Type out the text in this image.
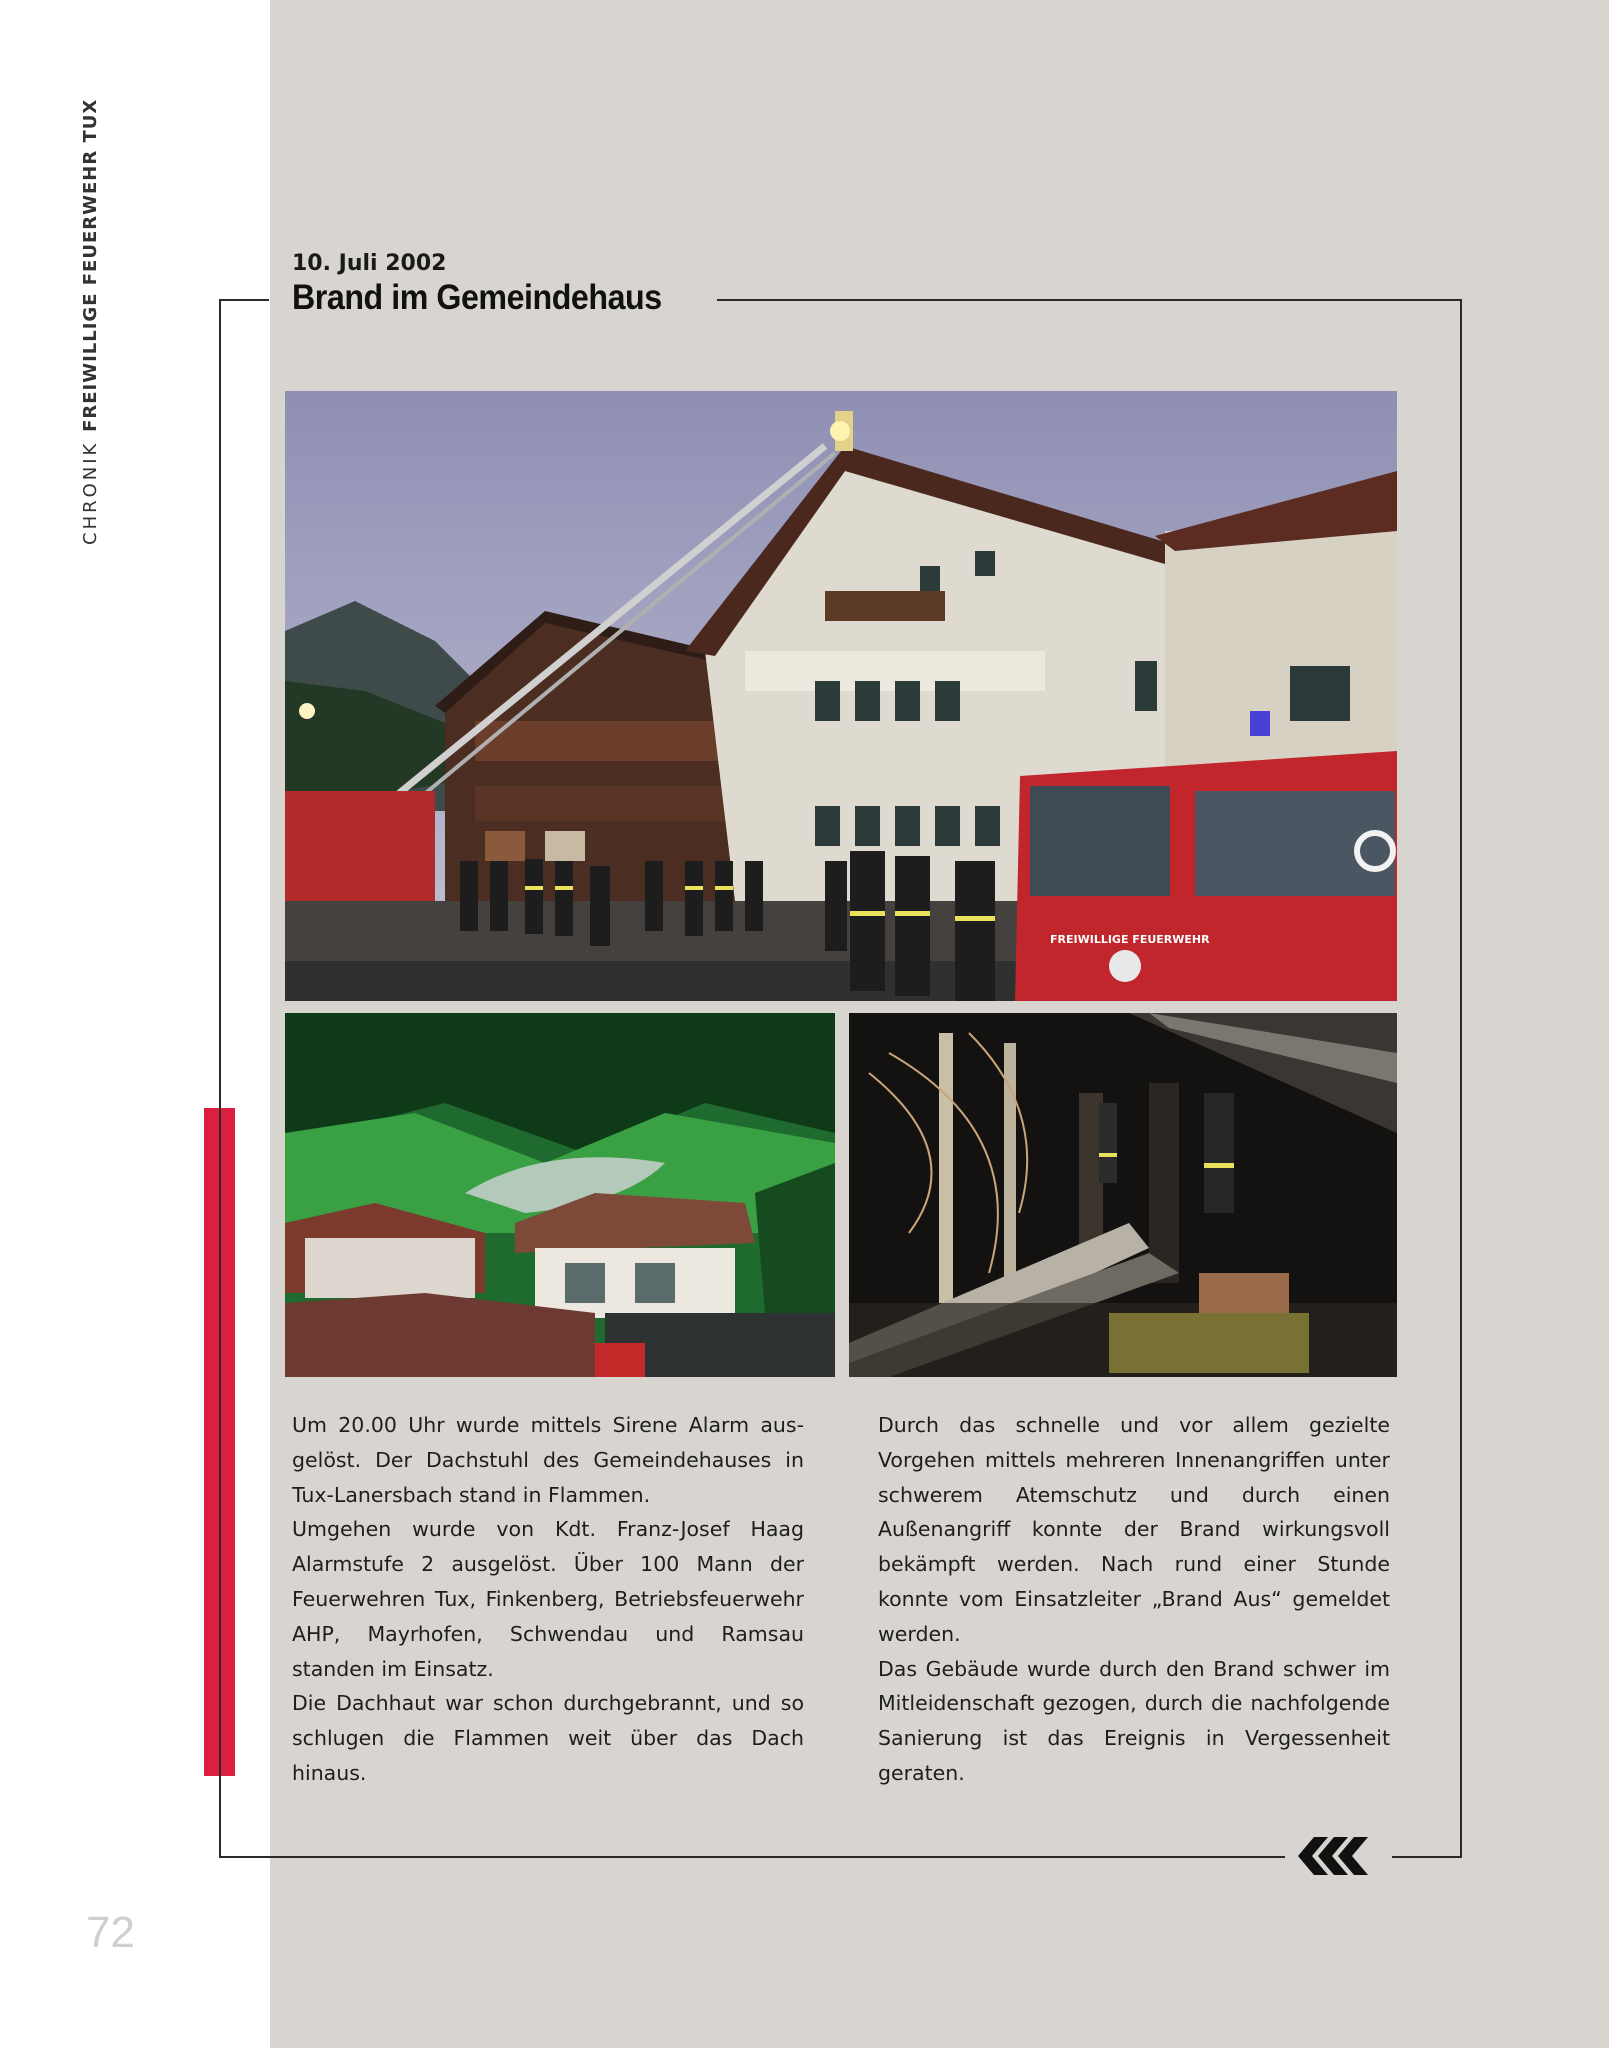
CHRONIK FREIWILLIGE FEUERWEHR TUX
72
10. Juli 2002
Brand im Gemeindehaus
FREIWILLIGE FEUERWEHR

Um 20.00 Uhr wurde mittels Sirene Alarm ausgelöst. Der Dachstuhl des Gemeindehauses in Tux-Lanersbach stand in Flammen.

Umgehen wurde von Kdt. Franz-Josef Haag Alarmstufe 2 ausgelöst. Über 100 Mann der Feuerwehren Tux, Finkenberg, Betriebsfeuerwehr AHP, Mayrhofen, Schwendau und Ramsau standen im Einsatz.

Die Dachhaut war schon durchgebrannt, und so schlugen die Flammen weit über das Dach hinaus.

Durch das schnelle und vor allem gezielte Vorgehen mittels mehreren Innenangriffen unter schwerem Atemschutz und durch einen Außenangriff konnte der Brand wirkungsvoll bekämpft werden. Nach rund einer Stunde konnte vom Einsatzleiter „Brand Aus“ gemeldet werden.

Das Gebäude wurde durch den Brand schwer im Mitleidenschaft gezogen, durch die nachfolgende Sanierung ist das Ereignis in Vergessenheit geraten.
